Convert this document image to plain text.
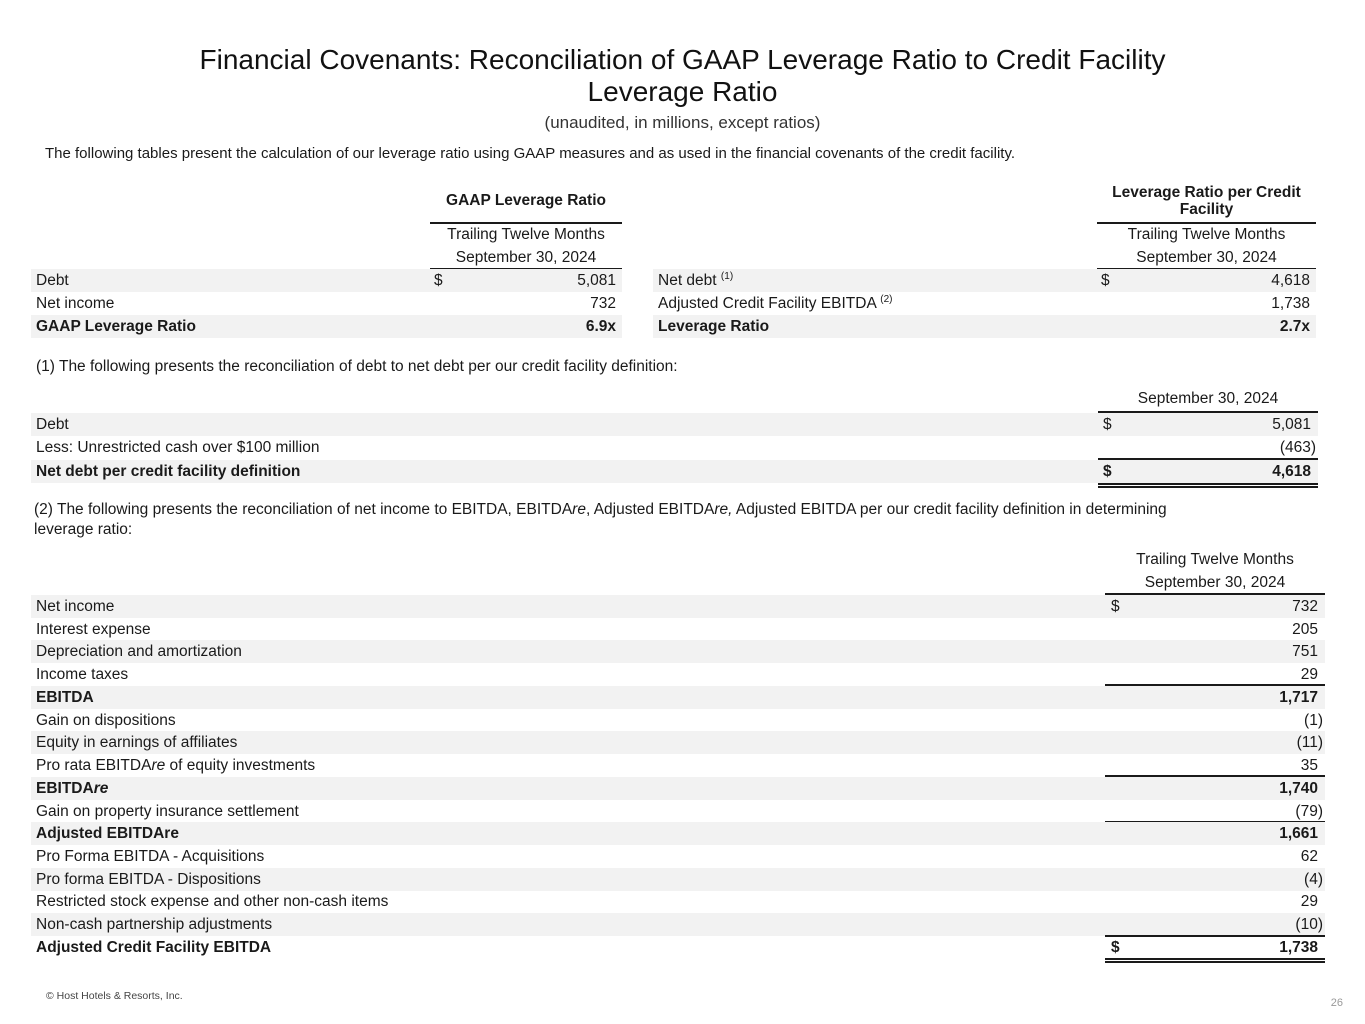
Financial Covenants: Reconciliation of GAAP Leverage Ratio to Credit Facility
Leverage Ratio
(unaudited, in millions, except ratios)
The following tables present the calculation of our leverage ratio using GAAP measures and as used in the financial covenants of the credit facility.
GAAP Leverage Ratio
Trailing Twelve Months
September 30, 2024
Debt	$	5,081
Net income	732
GAAP Leverage Ratio	6.9x
Leverage Ratio per Credit Facility
Trailing Twelve Months
September 30, 2024
Net debt $^{(1)}$	$	4,618
Adjusted Credit Facility EBITDA $^{(2)}$	1,738
Leverage Ratio	2.7x
(1) The following presents the reconciliation of debt to net debt per our credit facility definition:
September 30, 2024
Debt	$	5,081
Less: Unrestricted cash over $100 million	(463)
Net debt per credit facility definition	$	4,618
(2) The following presents the reconciliation of net income to EBITDA, EBITDAre, Adjusted EBITDAre, Adjusted EBITDA per our credit facility definition in determining
leverage ratio:
Trailing Twelve Months
September 30, 2024
Net income	$	732
Interest expense	205
Depreciation and amortization	751
Income taxes	29
EBITDA	1,717
Gain on dispositions	(1)
Equity in earnings of affiliates	(11)
Pro rata EBITDAre of equity investments	35
EBITDAre	1,740
Gain on property insurance settlement	(79)
Adjusted EBITDAre	1,661
Pro Forma EBITDA - Acquisitions	62
Pro forma EBITDA - Dispositions	(4)
Restricted stock expense and other non-cash items	29
Non-cash partnership adjustments	(10)
Adjusted Credit Facility EBITDA	$	1,738
© Host Hotels & Resorts, Inc.
26
